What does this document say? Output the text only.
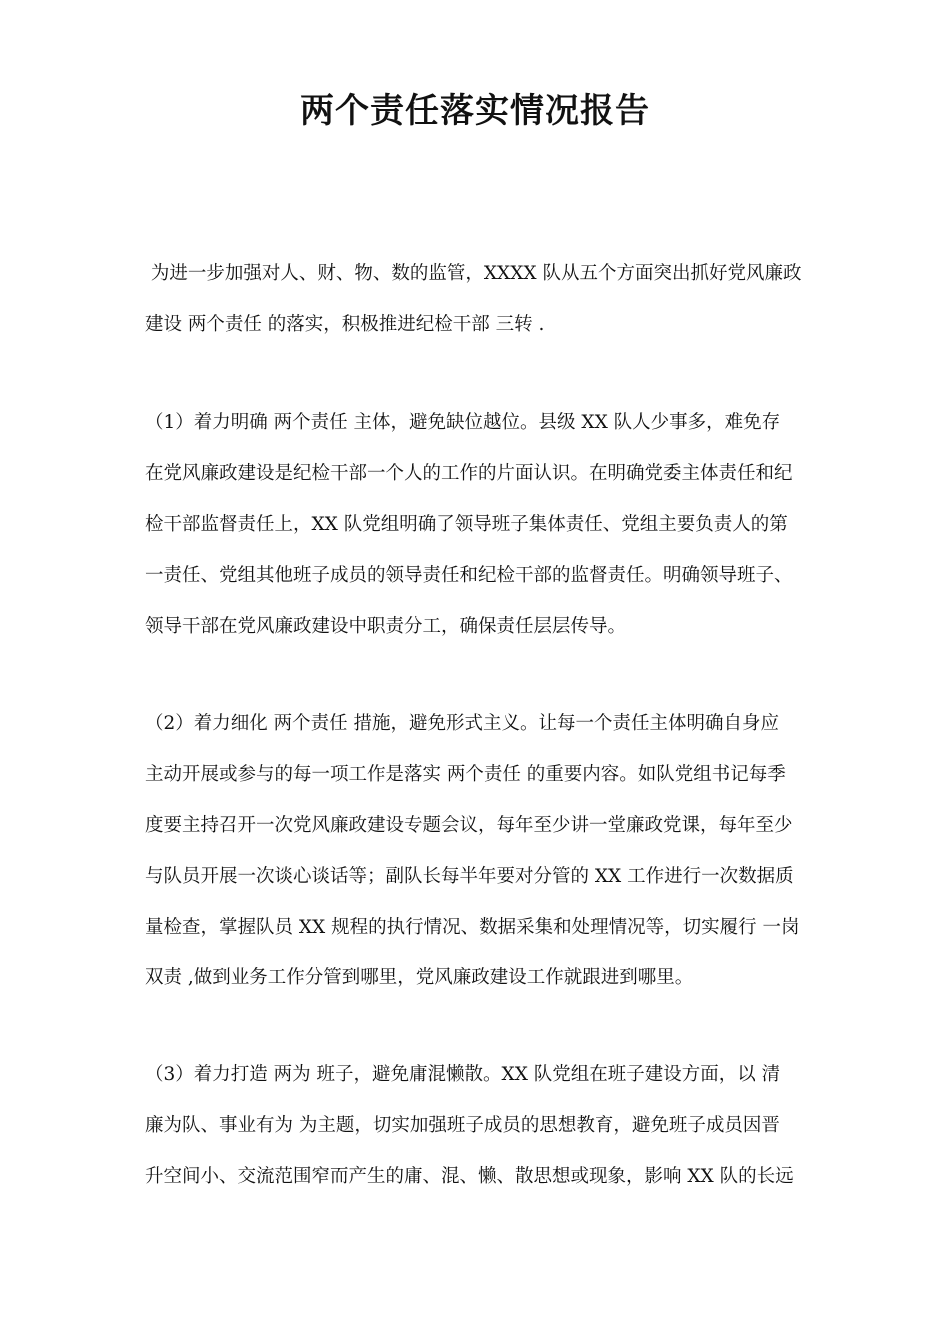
两个责任落实情况报告
为进一步加强对人、财、物、数的监管，XXXX 队从五个方面突出抓好党风廉政
建设 两个责任 的落实，积极推进纪检干部 三转 .
（1）着力明确 两个责任 主体，避免缺位越位。县级 XX 队人少事多，难免存
在党风廉政建设是纪检干部一个人的工作的片面认识。在明确党委主体责任和纪
检干部监督责任上，XX 队党组明确了领导班子集体责任、党组主要负责人的第
一责任、党组其他班子成员的领导责任和纪检干部的监督责任。明确领导班子、
领导干部在党风廉政建设中职责分工，确保责任层层传导。
（2）着力细化 两个责任 措施，避免形式主义。让每一个责任主体明确自身应
主动开展或参与的每一项工作是落实 两个责任 的重要内容。如队党组书记每季
度要主持召开一次党风廉政建设专题会议，每年至少讲一堂廉政党课，每年至少
与队员开展一次谈心谈话等；副队长每半年要对分管的 XX 工作进行一次数据质
量检查，掌握队员 XX 规程的执行情况、数据采集和处理情况等，切实履行 一岗
双责 ,做到业务工作分管到哪里，党风廉政建设工作就跟进到哪里。
（3）着力打造 两为 班子，避免庸混懒散。XX 队党组在班子建设方面，以 清
廉为队、事业有为 为主题，切实加强班子成员的思想教育，避免班子成员因晋
升空间小、交流范围窄而产生的庸、混、懒、散思想或现象，影响 XX 队的长远
